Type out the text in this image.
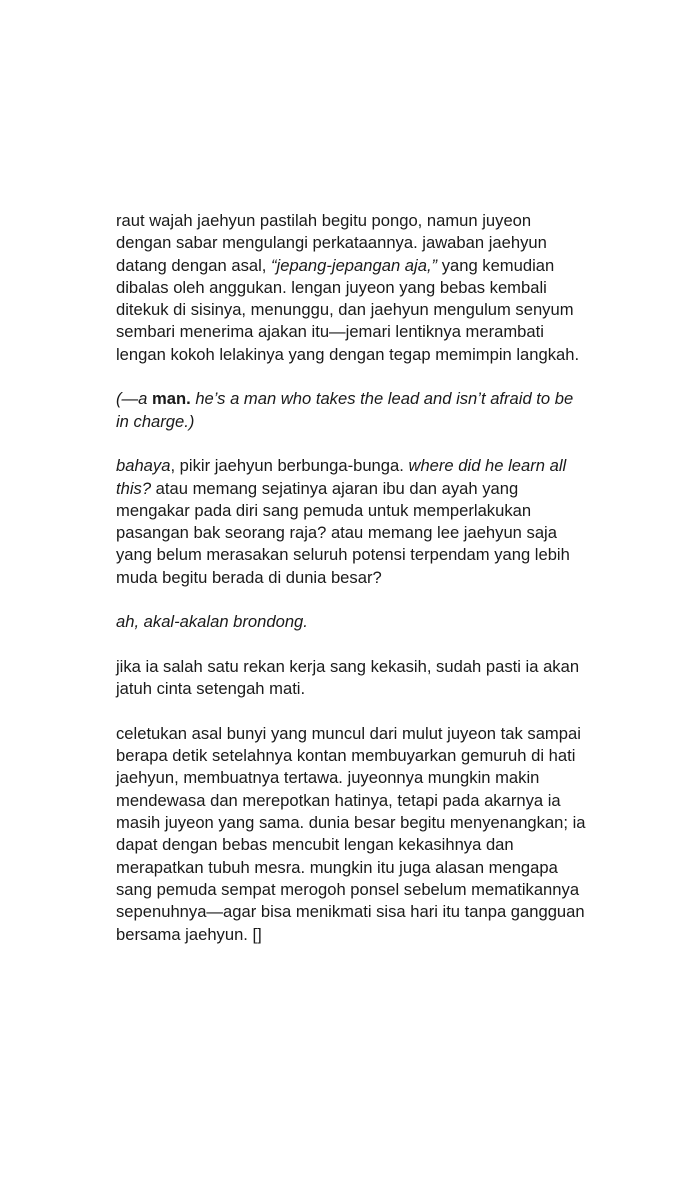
raut wajah jaehyun pastilah begitu pongo, namun juyeon dengan sabar mengulangi perkataannya. jawaban jaehyun datang dengan asal, “jepang-jepangan aja,” yang kemudian dibalas oleh anggukan. lengan juyeon yang bebas kembali ditekuk di sisinya, menunggu, dan jaehyun mengulum senyum sembari menerima ajakan itu—jemari lentiknya merambati lengan kokoh lelakinya yang dengan tegap memimpin langkah.

(—a man. he’s a man who takes the lead and isn’t afraid to be in charge.)

bahaya, pikir jaehyun berbunga-bunga. where did he learn all this? atau memang sejatinya ajaran ibu dan ayah yang mengakar pada diri sang pemuda untuk memperlakukan pasangan bak seorang raja? atau memang lee jaehyun saja yang belum merasakan seluruh potensi terpendam yang lebih muda begitu berada di dunia besar?

ah, akal-akalan brondong.

jika ia salah satu rekan kerja sang kekasih, sudah pasti ia akan jatuh cinta setengah mati.

celetukan asal bunyi yang muncul dari mulut juyeon tak sampai berapa detik setelahnya kontan membuyarkan gemuruh di hati jaehyun, membuatnya tertawa. juyeonnya mungkin makin mendewasa dan merepotkan hatinya, tetapi pada akarnya ia masih juyeon yang sama. dunia besar begitu menyenangkan; ia dapat dengan bebas mencubit lengan kekasihnya dan merapatkan tubuh mesra. mungkin itu juga alasan mengapa sang pemuda sempat merogoh ponsel sebelum mematikannya sepenuhnya—agar bisa menikmati sisa hari itu tanpa gangguan bersama jaehyun. []
